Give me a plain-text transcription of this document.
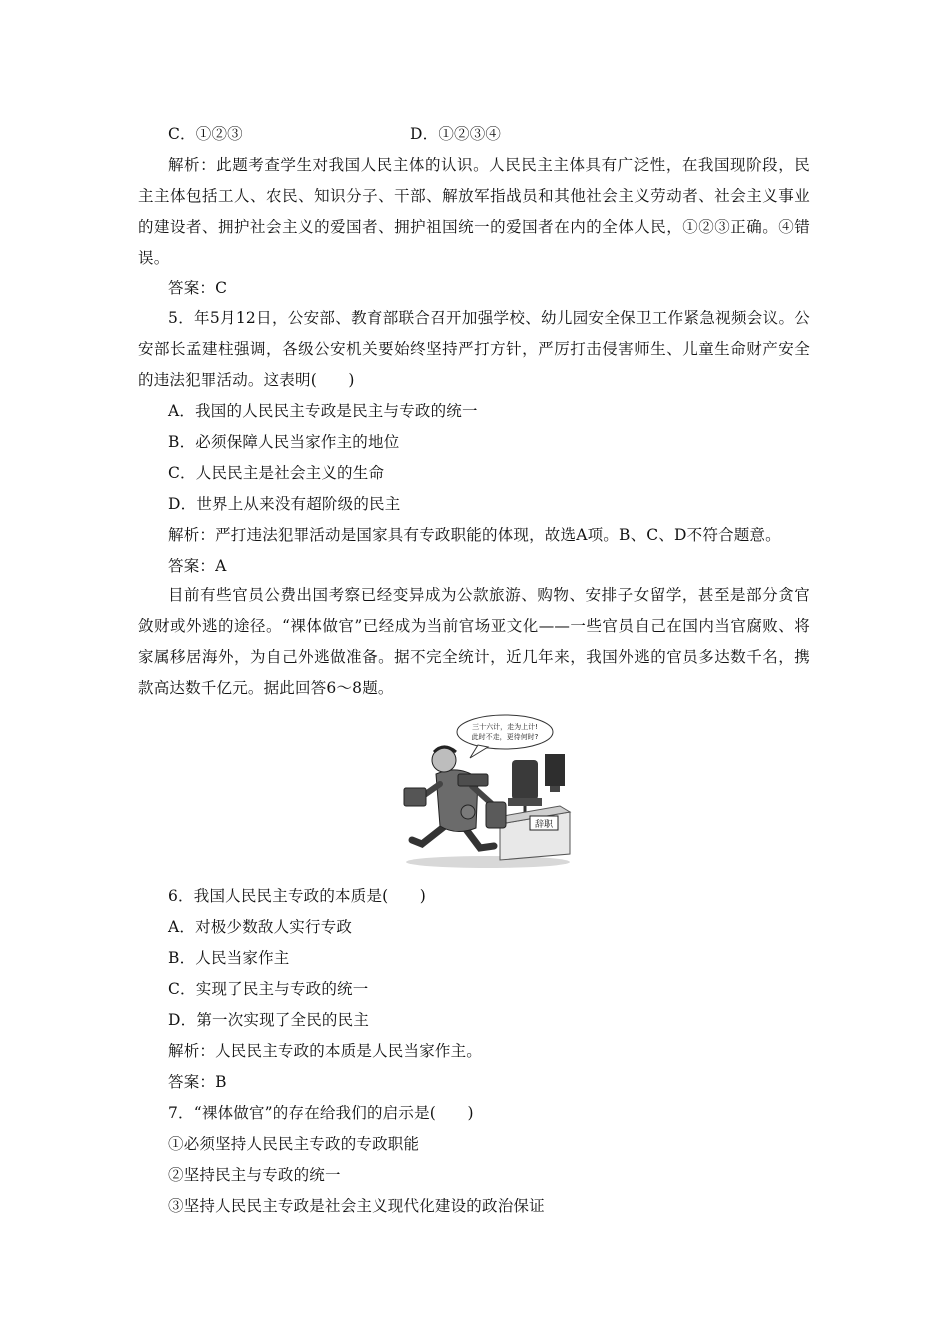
C．①②③	D．①②③④
解析：此题考查学生对我国人民主体的认识。人民民主主体具有广泛性，在我国现阶段，民主主体包括工人、农民、知识分子、干部、解放军指战员和其他社会主义劳动者、社会主义事业的建设者、拥护社会主义的爱国者、拥护祖国统一的爱国者在内的全体人民，①②③正确。④错误。
答案：C
5．年5月12日，公安部、教育部联合召开加强学校、幼儿园安全保卫工作紧急视频会议。公安部长孟建柱强调，各级公安机关要始终坚持严打方针，严厉打击侵害师生、儿童生命财产安全的违法犯罪活动。这表明(　　)
A．我国的人民民主专政是民主与专政的统一
B．必须保障人民当家作主的地位
C．人民民主是社会主义的生命
D．世界上从来没有超阶级的民主
解析：严打违法犯罪活动是国家具有专政职能的体现，故选A项。B、C、D不符合题意。
答案：A
目前有些官员公费出国考察已经变异成为公款旅游、购物、安排子女留学，甚至是部分贪官敛财或外逃的途径。“裸体做官”已经成为当前官场亚文化——一些官员自己在国内当官腐败、将家属移居海外，为自己外逃做准备。据不完全统计，近几年来，我国外逃的官员多达数千名，携款高达数千亿元。据此回答6～8题。
三十六计，走为上计!
此时不走，更待何时?
辞职
6．我国人民民主专政的本质是(　　)
A．对极少数敌人实行专政
B．人民当家作主
C．实现了民主与专政的统一
D．第一次实现了全民的民主
解析：人民民主专政的本质是人民当家作主。
答案：B
7．“裸体做官”的存在给我们的启示是(　　)
①必须坚持人民民主专政的专政职能
②坚持民主与专政的统一
③坚持人民民主专政是社会主义现代化建设的政治保证
